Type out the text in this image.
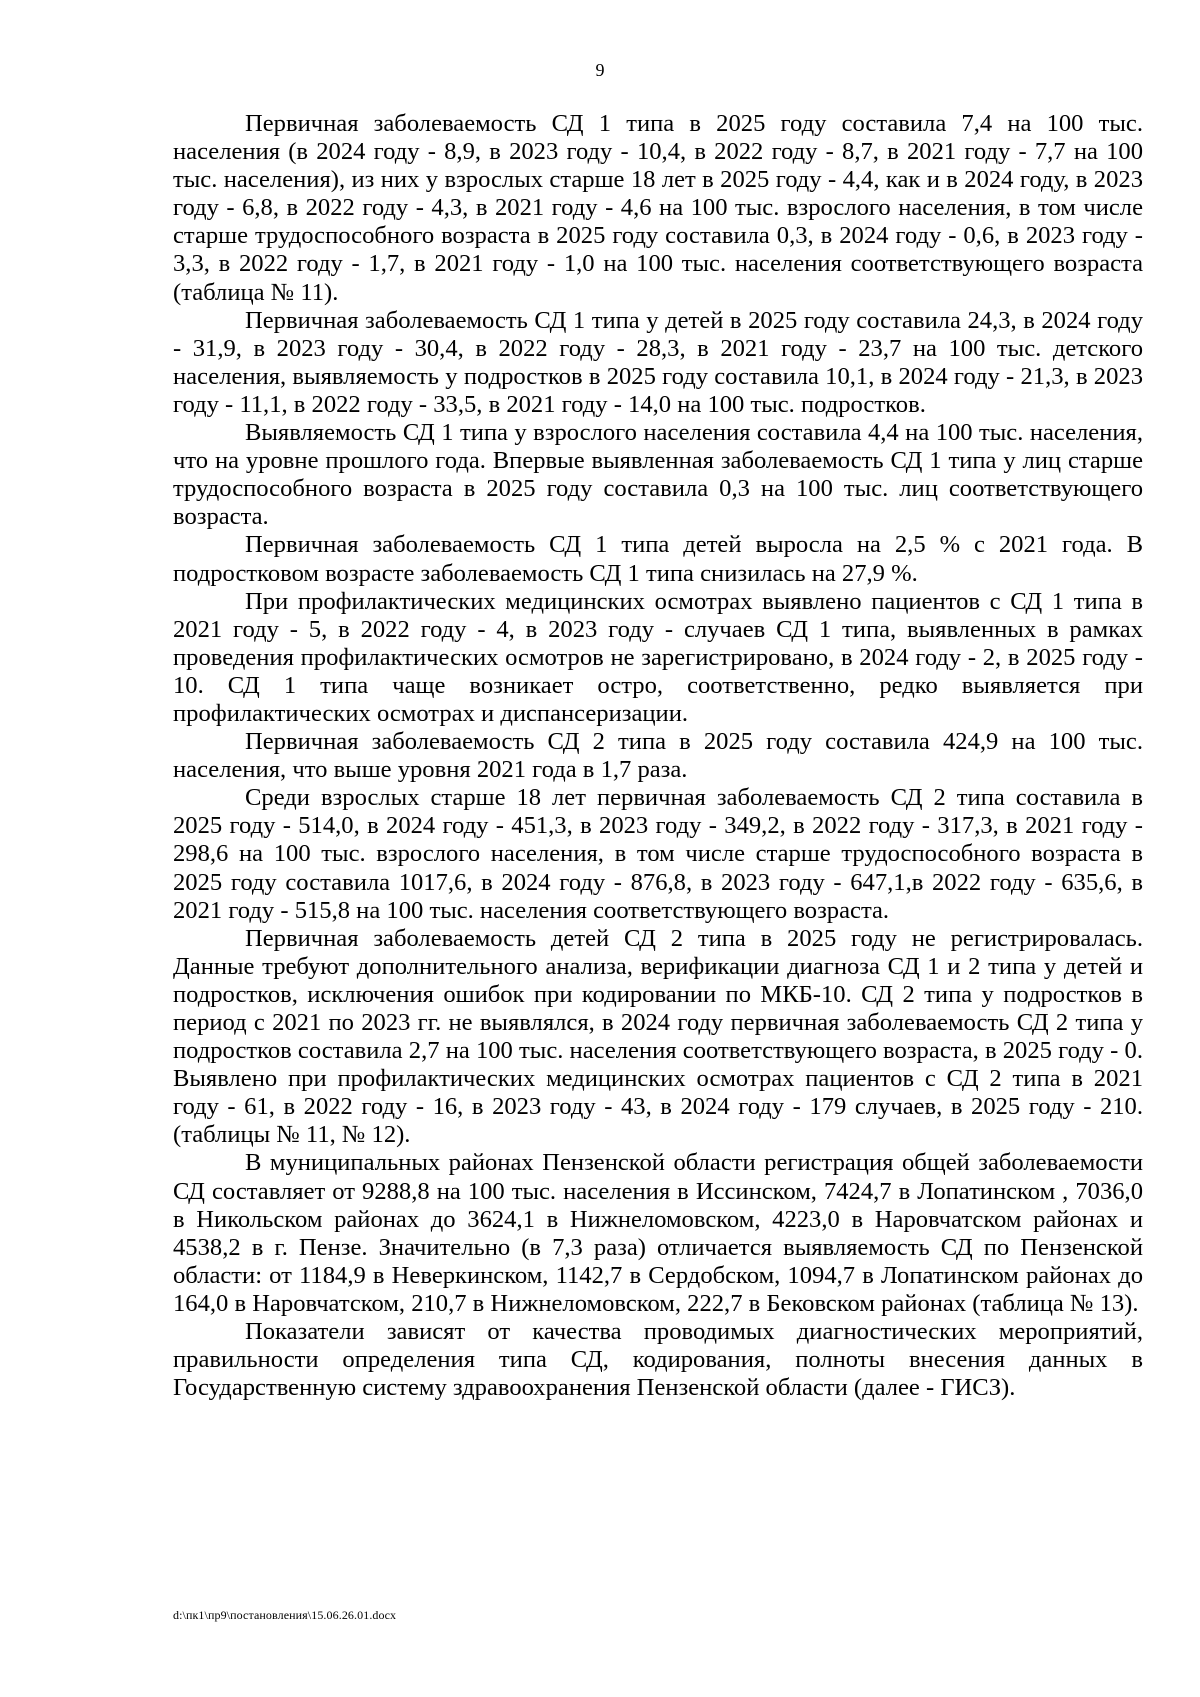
9

Первичная заболеваемость СД 1 типа в 2025 году составила 7,4 на 100 тыс. населения (в 2024 году - 8,9, в 2023 году - 10,4, в 2022 году - 8,7, в 2021 году - 7,7 на 100 тыс. населения), из них у взрослых старше 18 лет в 2025 году - 4,4, как и в 2024 году, в 2023 году - 6,8, в 2022 году - 4,3, в 2021 году - 4,6 на 100 тыс. взрослого населения, в том числе старше трудоспособного возраста в 2025 году составила 0,3, в 2024 году - 0,6, в 2023 году - 3,3, в 2022 году - 1,7, в 2021 году - 1,0 на 100 тыс. населения соответствующего возраста (таблица № 11).

Первичная заболеваемость СД 1 типа у детей в 2025 году составила 24,3, в 2024 году - 31,9, в 2023 году - 30,4, в 2022 году - 28,3, в 2021 году - 23,7 на 100 тыс. детского населения, выявляемость у подростков в 2025 году составила 10,1, в 2024 году - 21,3, в 2023 году - 11,1, в 2022 году - 33,5, в 2021 году - 14,0 на 100 тыс. подростков.

Выявляемость СД 1 типа у взрослого населения составила 4,4 на 100 тыс. населения, что на уровне прошлого года. Впервые выявленная заболеваемость СД 1 типа у лиц старше трудоспособного возраста в 2025 году составила 0,3 на 100 тыс. лиц соответствующего возраста.

Первичная заболеваемость СД 1 типа детей выросла на 2,5 % с 2021 года. В подростковом возрасте заболеваемость СД 1 типа снизилась на 27,9 %.

При профилактических медицинских осмотрах выявлено пациентов с СД 1 типа в 2021 году - 5, в 2022 году - 4, в 2023 году - случаев СД 1 типа, выявленных в рамках проведения профилактических осмотров не зарегистрировано, в 2024 году - 2, в 2025 году - 10. СД 1 типа чаще возникает остро, соответственно, редко выявляется при профилактических осмотрах и диспансеризации.

Первичная заболеваемость СД 2 типа в 2025 году составила 424,9 на 100 тыс. населения, что выше уровня 2021 года в 1,7 раза.

Среди взрослых старше 18 лет первичная заболеваемость СД 2 типа составила в 2025 году - 514,0, в 2024 году - 451,3, в 2023 году - 349,2, в 2022 году - 317,3, в 2021 году - 298,6 на 100 тыс. взрослого населения, в том числе старше трудоспособного возраста в 2025 году составила 1017,6, в 2024 году - 876,8, в 2023 году - 647,1,в 2022 году - 635,6, в 2021 году - 515,8 на 100 тыс. населения соответствующего возраста.

Первичная заболеваемость детей СД 2 типа в 2025 году не регистрировалась. Данные требуют дополнительного анализа, верификации диагноза СД 1 и 2 типа у детей и подростков, исключения ошибок при кодировании по МКБ-10. СД 2 типа у подростков в период с 2021 по 2023 гг. не выявлялся, в 2024 году первичная заболеваемость СД 2 типа у подростков составила 2,7 на 100 тыс. населения соответствующего возраста, в 2025 году - 0. Выявлено при профилактических медицинских осмотрах пациентов с СД 2 типа в 2021 году - 61, в 2022 году - 16, в 2023 году - 43, в 2024 году - 179 случаев, в 2025 году - 210. (таблицы № 11, № 12).

В муниципальных районах Пензенской области регистрация общей заболеваемости СД составляет от 9288,8 на 100 тыс. населения в Иссинском, 7424,7 в Лопатинском , 7036,0 в Никольском районах до 3624,1 в Нижнеломовском, 4223,0 в Наровчатском районах и 4538,2 в г. Пензе. Значительно (в 7,3 раза) отличается выявляемость СД по Пензенской области: от 1184,9 в Неверкинском, 1142,7 в Сердобском, 1094,7 в Лопатинском районах до 164,0 в Наровчатском, 210,7 в Нижнеломовском, 222,7 в Бековском районах (таблица № 13).

Показатели зависят от качества проводимых диагностических мероприятий, правильности определения типа СД, кодирования, полноты внесения данных в Государственную систему здравоохранения Пензенской области (далее - ГИСЗ).

d:\пк1\пр9\постановления\15.06.26.01.docx
